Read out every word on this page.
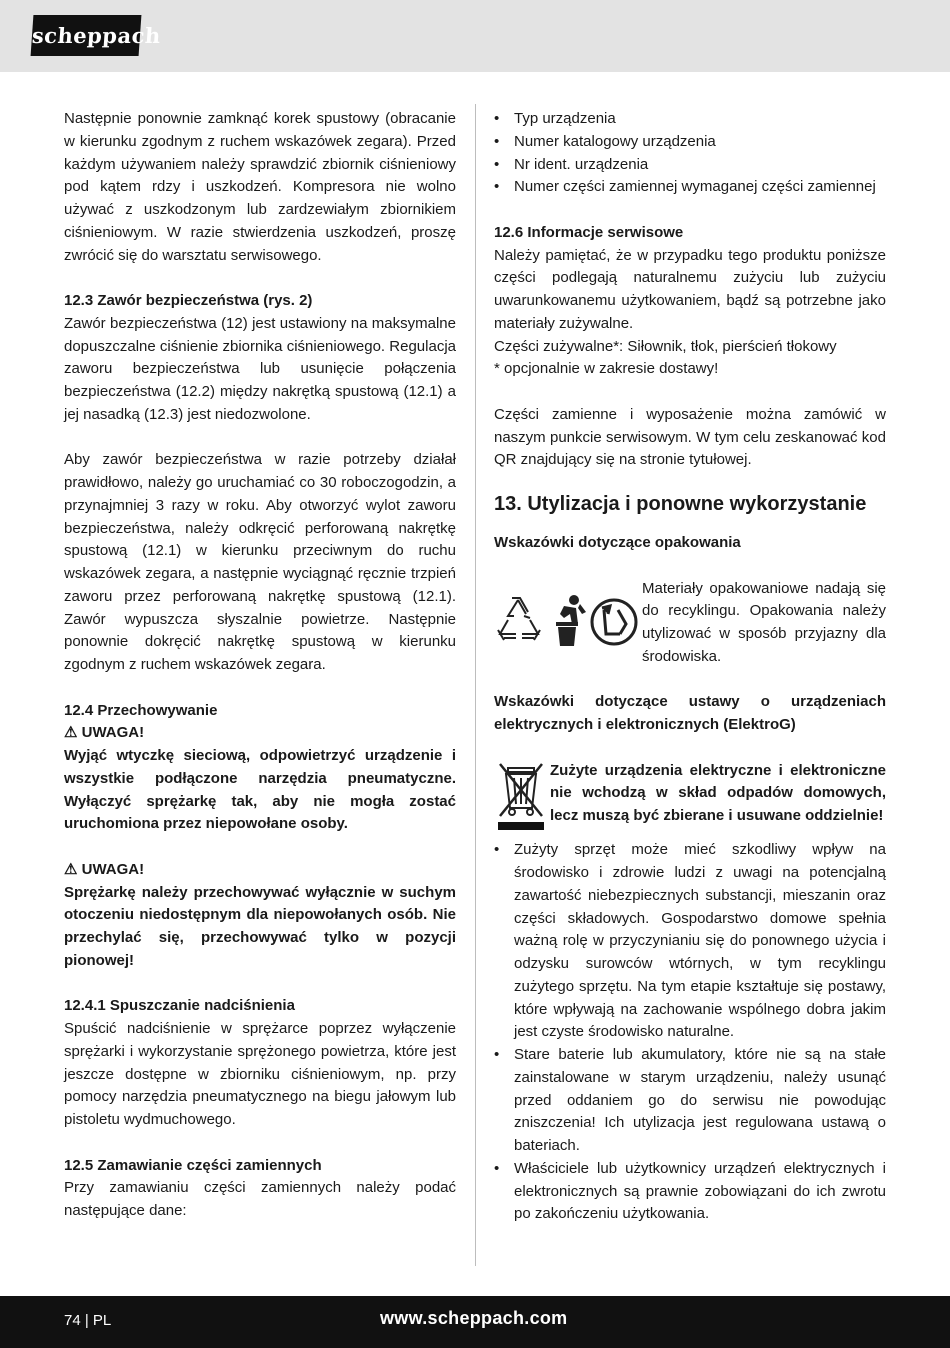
scheppach
Następnie ponownie zamknąć korek spustowy (obracanie w kierunku zgodnym z ruchem wskazówek zegara). Przed każdym używaniem należy sprawdzić zbiornik ciśnieniowy pod kątem rdzy i uszkodzeń. Kompresora nie wolno używać z uszkodzonym lub zardzewiałym zbiornikiem ciśnieniowym. W razie stwierdzenia uszkodzeń, proszę zwrócić się do warsztatu serwisowego.
12.3 Zawór bezpieczeństwa (rys. 2)
Zawór bezpieczeństwa (12) jest ustawiony na maksymalne dopuszczalne ciśnienie zbiornika ciśnieniowego. Regulacja zaworu bezpieczeństwa lub usunięcie połączenia bezpieczeństwa (12.2) między nakrętką spustową (12.1) a jej nasadką (12.3) jest niedozwolone.
Aby zawór bezpieczeństwa w razie potrzeby działał prawidłowo, należy go uruchamiać co 30 roboczogodzin, a przynajmniej 3 razy w roku. Aby otworzyć wylot zaworu bezpieczeństwa, należy odkręcić perforowaną nakrętkę spustową (12.1) w kierunku przeciwnym do ruchu wskazówek zegara, a następnie wyciągnąć ręcznie trzpień zaworu przez perforowaną nakrętkę spustową (12.1). Zawór wypuszcza słyszalnie powietrze. Następnie ponownie dokręcić nakrętkę spustową w kierunku zgodnym z ruchem wskazówek zegara.
12.4 Przechowywanie
⚠ UWAGA!
Wyjąć wtyczkę sieciową, odpowietrzyć urządzenie i wszystkie podłączone narzędzia pneumatyczne. Wyłączyć sprężarkę tak, aby nie mogła zostać uruchomiona przez niepowołane osoby.
⚠ UWAGA!
Sprężarkę należy przechowywać wyłącznie w suchym otoczeniu niedostępnym dla niepowołanych osób. Nie przechylać się, przechowywać tylko w pozycji pionowej!
12.4.1 Spuszczanie nadciśnienia
Spuścić nadciśnienie w sprężarce poprzez wyłączenie sprężarki i wykorzystanie sprężonego powietrza, które jest jeszcze dostępne w zbiorniku ciśnieniowym, np. przy pomocy narzędzia pneumatycznego na biegu jałowym lub pistoletu wydmuchowego.
12.5 Zamawianie części zamiennych
Przy zamawianiu części zamiennych należy podać następujące dane:
• Typ urządzenia
• Numer katalogowy urządzenia
• Nr ident. urządzenia
• Numer części zamiennej wymaganej części zamiennej
12.6 Informacje serwisowe
Należy pamiętać, że w przypadku tego produktu poniższe części podlegają naturalnemu zużyciu lub zużyciu uwarunkowanemu użytkowaniem, bądź są potrzebne jako materiały zużywalne.
Części zużywalne*: Siłownik, tłok, pierścień tłokowy
* opcjonalnie w zakresie dostawy!
Części zamienne i wyposażenie można zamówić w naszym punkcie serwisowym. W tym celu zeskanować kod QR znajdujący się na stronie tytułowej.
13. Utylizacja i ponowne wykorzystanie
Wskazówki dotyczące opakowania
Materiały opakowaniowe nadają się do recyklingu. Opakowania należy utylizować w sposób przyjazny dla środowiska.
Wskazówki dotyczące ustawy o urządzeniach elektrycznych i elektronicznych (ElektroG)
Zużyte urządzenia elektryczne i elektroniczne nie wchodzą w skład odpadów domowych, lecz muszą być zbierane i usuwane oddzielnie!
• Zużyty sprzęt może mieć szkodliwy wpływ na środowisko i zdrowie ludzi z uwagi na potencjalną zawartość niebezpiecznych substancji, mieszanin oraz części składowych. Gospodarstwo domowe spełnia ważną rolę w przyczynianiu się do ponownego użycia i odzysku surowców wtórnych, w tym recyklingu zużytego sprzętu. Na tym etapie kształtuje się postawy, które wpływają na zachowanie wspólnego dobra jakim jest czyste środowisko naturalne.
• Stare baterie lub akumulatory, które nie są na stałe zainstalowane w starym urządzeniu, należy usunąć przed oddaniem go do serwisu nie powodując zniszczenia! Ich utylizacja jest regulowana ustawą o bateriach.
• Właściciele lub użytkownicy urządzeń elektrycznych i elektronicznych są prawnie zobowiązani do ich zwrotu po zakończeniu użytkowania.
74 | PL	www.scheppach.com
